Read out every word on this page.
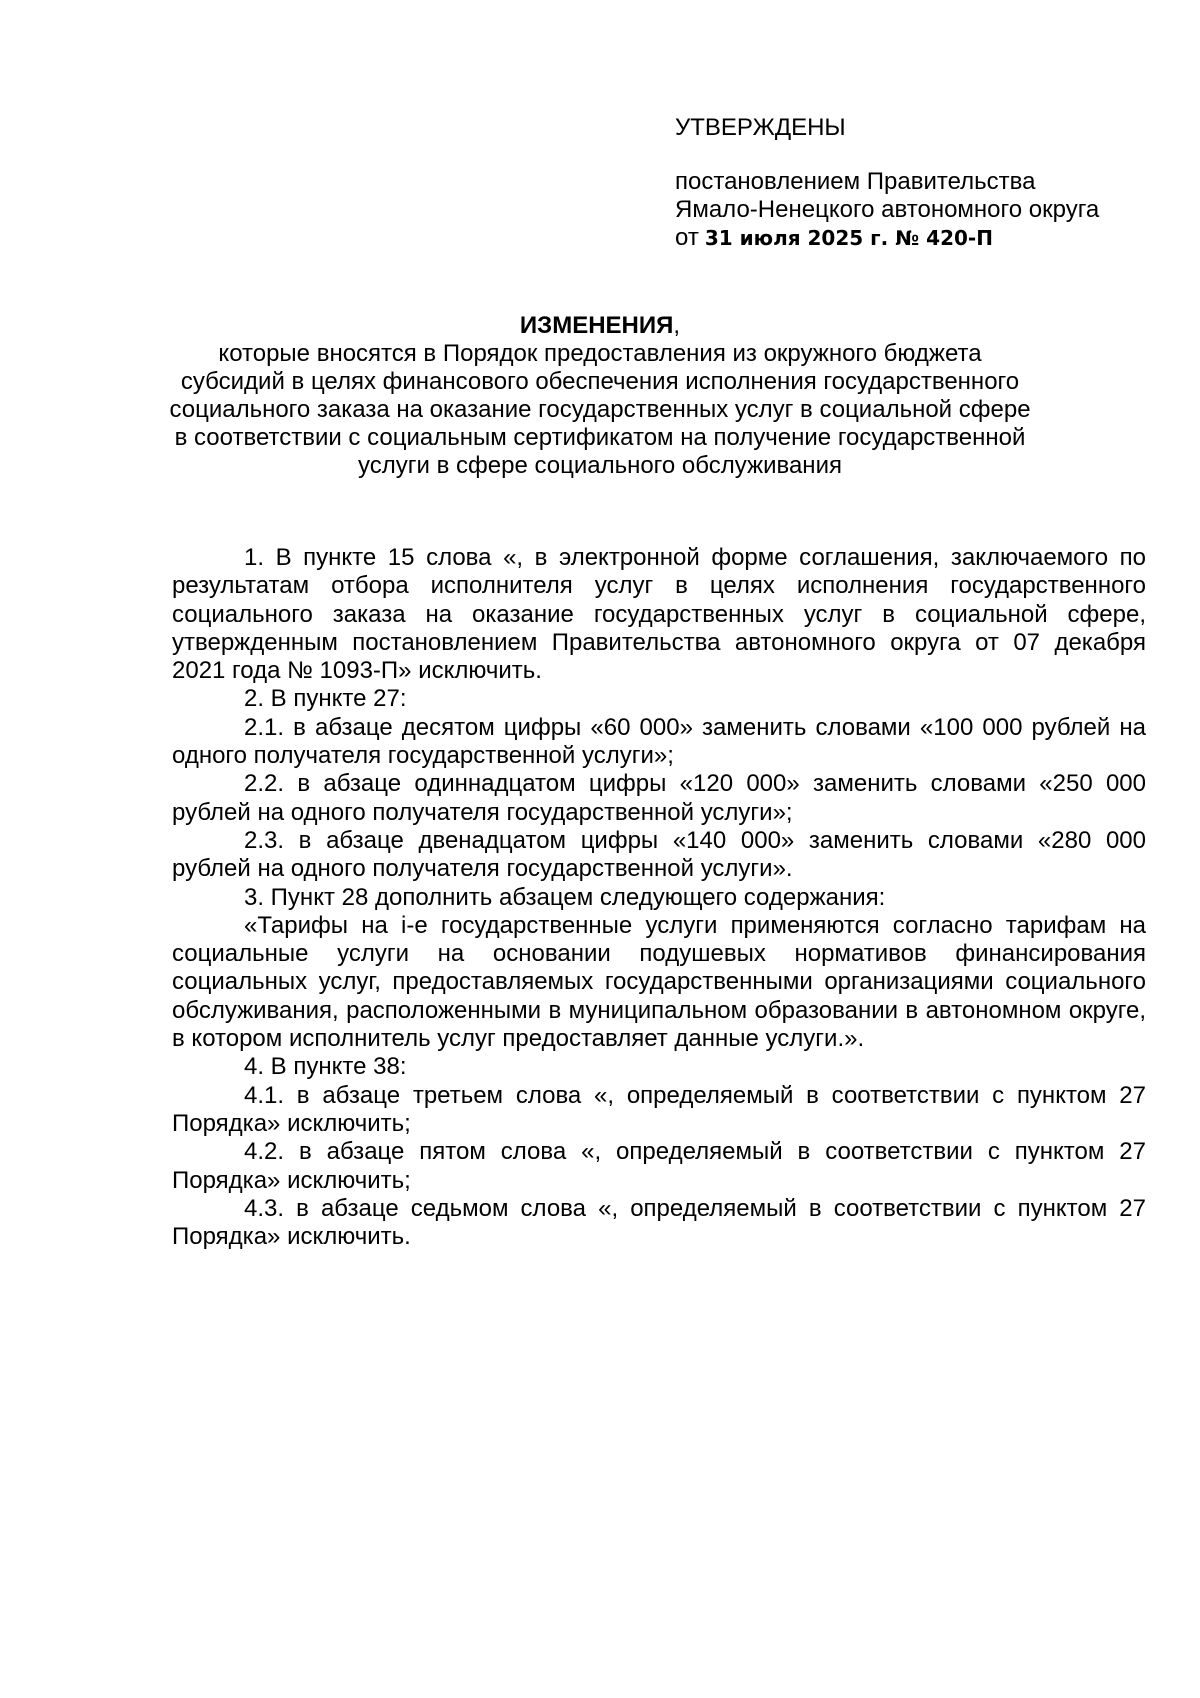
УТВЕРЖДЕНЫ
постановлением Правительства
Ямало-Ненецкого автономного округа
от 31 июля 2025 г. № 420-П
ИЗМЕНЕНИЯ,
которые вносятся в Порядок предоставления из окружного бюджета
субсидий в целях финансового обеспечения исполнения государственного
социального заказа на оказание государственных услуг в социальной сфере
в соответствии с социальным сертификатом на получение государственной
услуги в сфере социального обслуживания

1. В пункте 15 слова «, в электронной форме соглашения, заключаемого по результатам отбора исполнителя услуг в целях исполнения государственного социального заказа на оказание государственных услуг в социальной сфере, утвержденным постановлением Правительства автономного округа от 07 декабря 2021 года № 1093-П» исключить.

2. В пункте 27:

2.1. в абзаце десятом цифры «60 000» заменить словами «100 000 рублей на одного получателя государственной услуги»;

2.2. в абзаце одиннадцатом цифры «120 000» заменить словами «250 000 рублей на одного получателя государственной услуги»;

2.3. в абзаце двенадцатом цифры «140 000» заменить словами «280 000 рублей на одного получателя государственной услуги».

3. Пункт 28 дополнить абзацем следующего содержания:

«Тарифы на i-е государственные услуги применяются согласно тарифам на социальные услуги на основании подушевых нормативов финансирования социальных услуг, предоставляемых государственными организациями социального обслуживания, расположенными в муниципальном образовании в автономном округе, в котором исполнитель услуг предоставляет данные услуги.».

4. В пункте 38:

4.1. в абзаце третьем слова «, определяемый в соответствии с пунктом 27 Порядка» исключить;

4.2. в абзаце пятом слова «, определяемый в соответствии с пунктом 27 Порядка» исключить;

4.3. в абзаце седьмом слова «, определяемый в соответствии с пунктом 27 Порядка» исключить.
